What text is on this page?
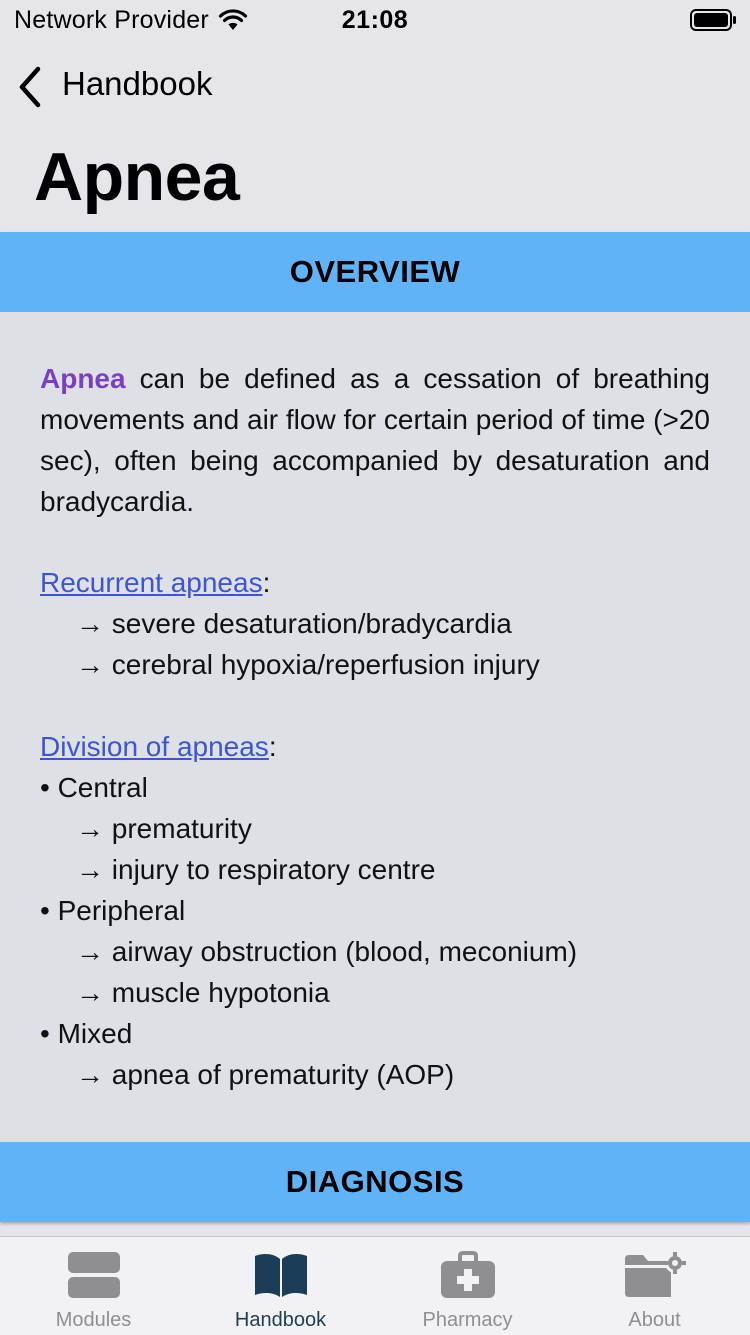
Network Provider	21:08
Handbook
Apnea
OVERVIEW
Apnea can be defined as a cessation of breathing movements and air flow for certain period of time (>20 sec), often being accompanied by desaturation and bradycardia.
Recurrent apneas:
→ severe desaturation/bradycardia
→ cerebral hypoxia/reperfusion injury
Division of apneas:
• Central
→ prematurity
→ injury to respiratory centre
• Peripheral
→ airway obstruction (blood, meconium)
→ muscle hypotonia
• Mixed
→ apnea of prematurity (AOP)
DIAGNOSIS
Modules	Handbook	Pharmacy	About
